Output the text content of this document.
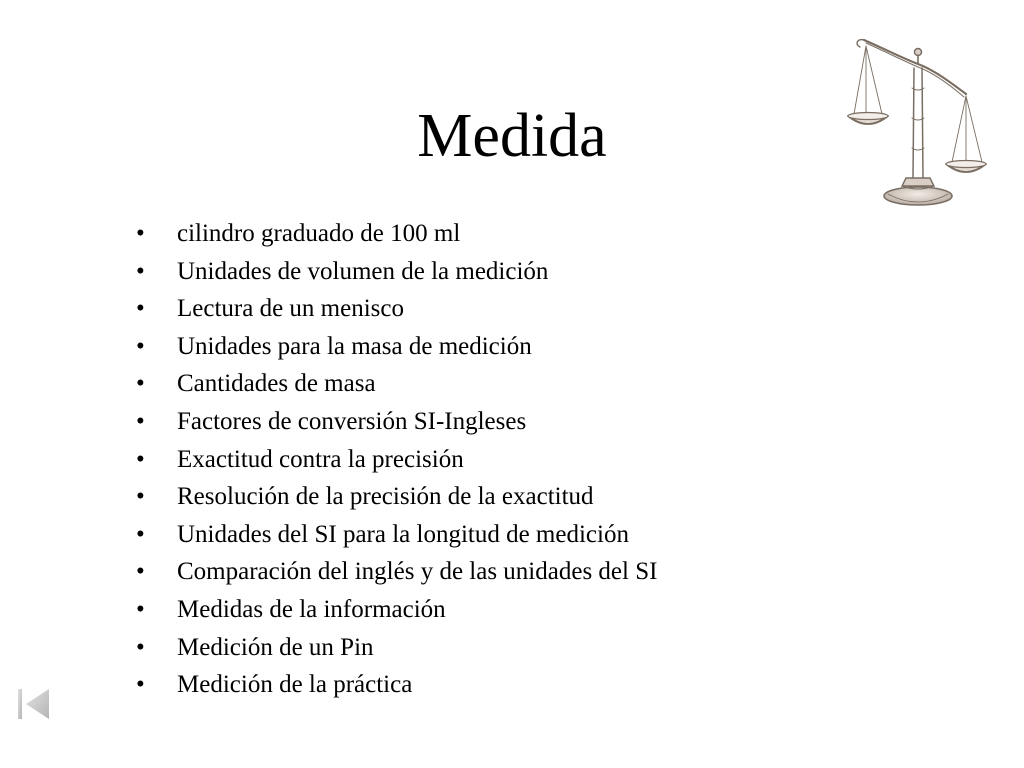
Medida
•	cilindro graduado de 100 ml
•	Unidades de volumen de la medición
•	Lectura de un menisco
•	Unidades para la masa de medición
•	Cantidades de masa
•	Factores de conversión SI-Ingleses
•	Exactitud contra la precisión
•	Resolución de la precisión de la exactitud
•	Unidades del SI para la longitud de medición
•	Comparación del inglés y de las unidades del SI
•	Medidas de la información
•	Medición de un Pin
•	Medición de la práctica
